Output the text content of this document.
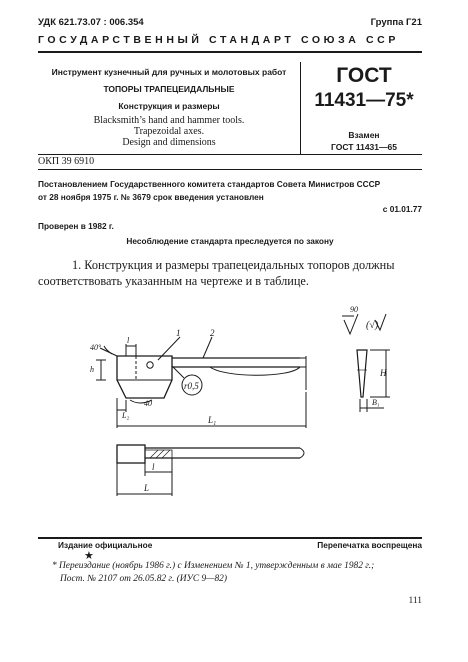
УДК 621.73.07 : 006.354	Группа Г21
ГОСУДАРСТВЕННЫЙ СТАНДАРТ СОЮЗА ССР
Инструмент кузнечный для ручных и молотовых работ
ТОПОРЫ ТРАПЕЦЕИДАЛЬНЫЕ
Конструкция и размеры
Blacksmith’s hand and hammer tools.
Trapezoidal axes.
Design and dimensions
ГОСТ
11431—75*
Взамен
ГОСТ 11431—65
ОКП 39 6910
Постановлением Государственного комитета стандартов Совета Министров СССР
от 28 ноября 1975 г. № 3679 срок введения установлен
с 01.01.77
Проверен в 1982 г.
Несоблюдение стандарта преследуется по закону
1. Конструкция и размеры трапецеидальных топоров должны
соответствовать указанным на чертеже и в таблице.
40°
h
l
1	2
r0,5
L₂
40
L₁
l
L
H
B₁
90
(√)
Издание официальное	Перепечатка воспрещена
★
* Переиздание (ноябрь 1986 г.) с Изменением № 1, утвержденным в мае 1982 г.;
Пост. № 2107 от 26.05.82 г. (ИУС 9—82)
111
